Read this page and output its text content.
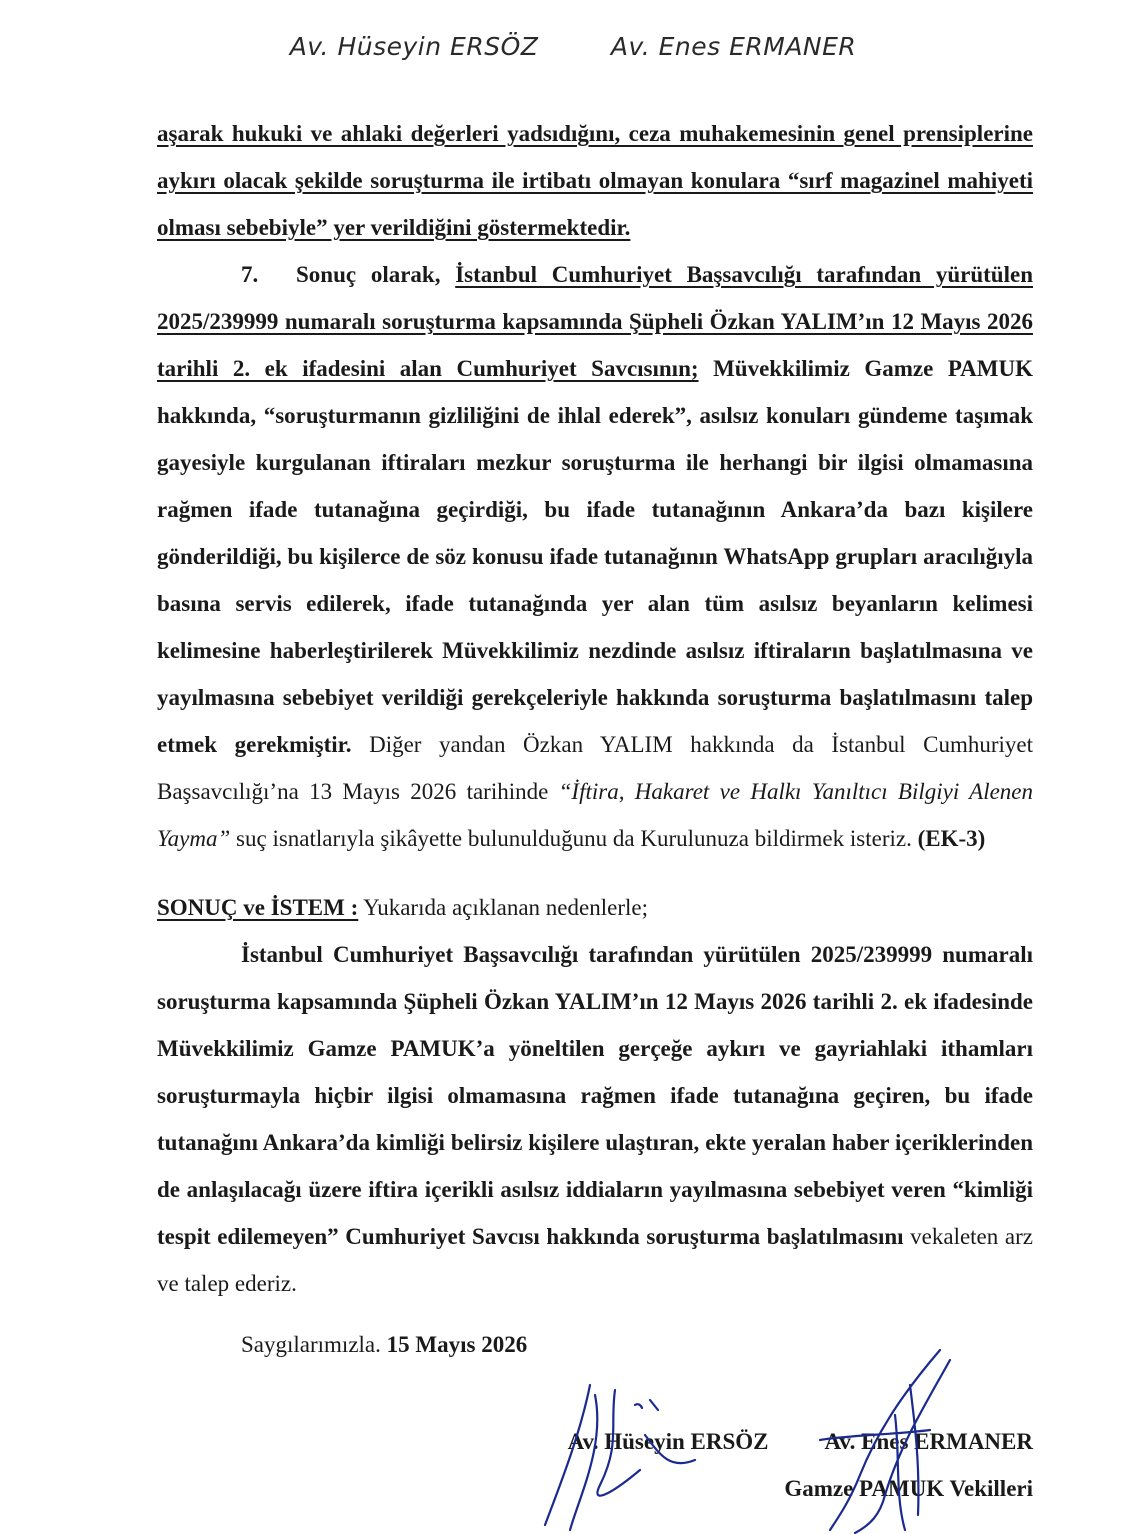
Av. Hüseyin ERSÖZ	Av. Enes ERMANER

aşarak hukuki ve ahlaki değerleri yadsıdığını, ceza muhakemesinin genel prensiplerine aykırı olacak şekilde soruşturma ile irtibatı olmayan konulara “sırf magazinel mahiyeti olması sebebiyle” yer verildiğini göstermektedir.

7. Sonuç olarak, İstanbul Cumhuriyet Başsavcılığı tarafından yürütülen 2025/239999 numaralı soruşturma kapsamında Şüpheli Özkan YALIM’ın 12 Mayıs 2026 tarihli 2. ek ifadesini alan Cumhuriyet Savcısının; Müvekkilimiz Gamze PAMUK hakkında, “soruşturmanın gizliliğini de ihlal ederek”, asılsız konuları gündeme taşımak gayesiyle kurgulanan iftiraları mezkur soruşturma ile herhangi bir ilgisi olmamasına rağmen ifade tutanağına geçirdiği, bu ifade tutanağının Ankara’da bazı kişilere gönderildiği, bu kişilerce de söz konusu ifade tutanağının WhatsApp grupları aracılığıyla basına servis edilerek, ifade tutanağında yer alan tüm asılsız beyanların kelimesi kelimesine haberleştirilerek Müvekkilimiz nezdinde asılsız iftiraların başlatılmasına ve yayılmasına sebebiyet verildiği gerekçeleriyle hakkında soruşturma başlatılmasını talep etmek gerekmiştir. Diğer yandan Özkan YALIM hakkında da İstanbul Cumhuriyet Başsavcılığı’na 13 Mayıs 2026 tarihinde “İftira, Hakaret ve Halkı Yanıltıcı Bilgiyi Alenen Yayma” suç isnatlarıyla şikâyette bulunulduğunu da Kurulunuza bildirmek isteriz. (EK-3)

SONUÇ ve İSTEM : Yukarıda açıklanan nedenlerle;

İstanbul Cumhuriyet Başsavcılığı tarafından yürütülen 2025/239999 numaralı soruşturma kapsamında Şüpheli Özkan YALIM’ın 12 Mayıs 2026 tarihli 2. ek ifadesinde Müvekkilimiz Gamze PAMUK’a yöneltilen gerçeğe aykırı ve gayriahlaki ithamları soruşturmayla hiçbir ilgisi olmamasına rağmen ifade tutanağına geçiren, bu ifade tutanağını Ankara’da kimliği belirsiz kişilere ulaştıran, ekte yeralan haber içeriklerinden de anlaşılacağı üzere iftira içerikli asılsız iddiaların yayılmasına sebebiyet veren “kimliği tespit edilemeyen” Cumhuriyet Savcısı hakkında soruşturma başlatılmasını vekaleten arz ve talep ederiz.

Saygılarımızla. 15 Mayıs 2026

Av. Hüseyin ERSÖZ Av. Enes ERMANER
Gamze PAMUK Vekilleri
